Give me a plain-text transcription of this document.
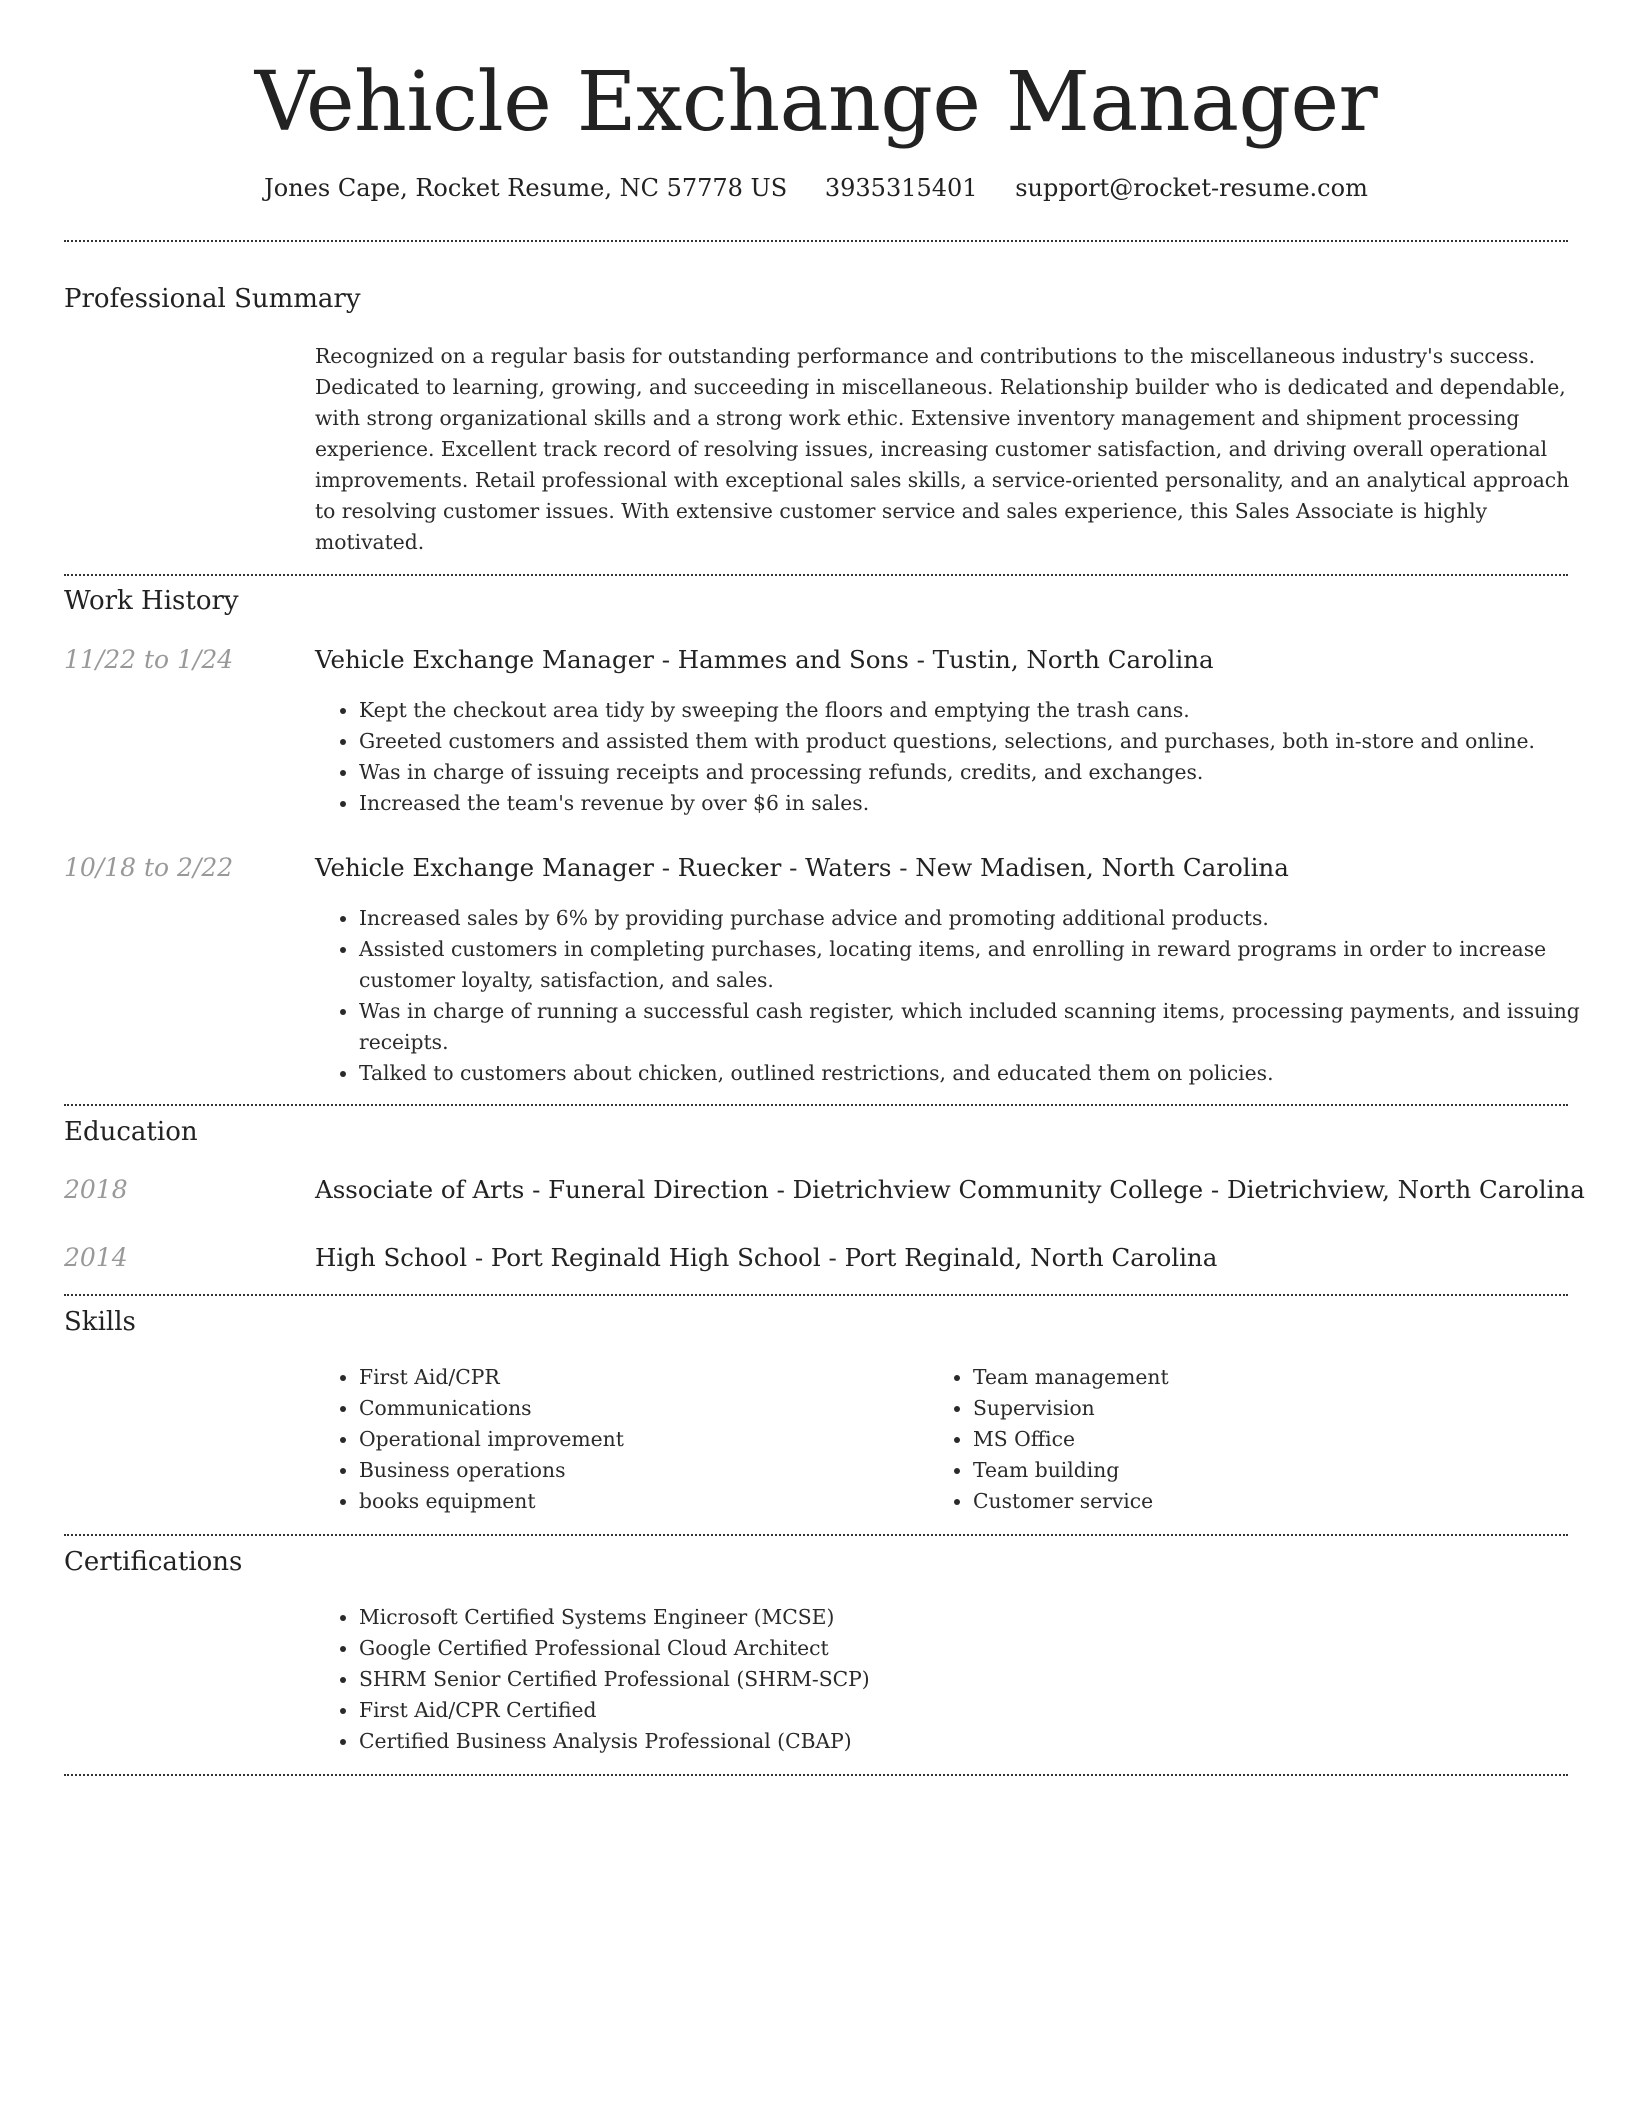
Vehicle Exchange Manager
Jones Cape, Rocket Resume, NC 57778 US 3935315401 support@rocket-resume.com
Professional Summary
Recognized on a regular basis for outstanding performance and contributions to the miscellaneous industry's success. Dedicated to learning, growing, and succeeding in miscellaneous. Relationship builder who is dedicated and dependable, with strong organizational skills and a strong work ethic. Extensive inventory management and shipment processing experience. Excellent track record of resolving issues, increasing customer satisfaction, and driving overall operational improvements. Retail professional with exceptional sales skills, a service-oriented personality, and an analytical approach to resolving customer issues. With extensive customer service and sales experience, this Sales Associate is highly motivated.
Work History
11/22 to 1/24	Vehicle Exchange Manager - Hammes and Sons - Tustin, North Carolina
• Kept the checkout area tidy by sweeping the floors and emptying the trash cans.
• Greeted customers and assisted them with product questions, selections, and purchases, both in-store and online.
• Was in charge of issuing receipts and processing refunds, credits, and exchanges.
• Increased the team's revenue by over $6 in sales.
10/18 to 2/22	Vehicle Exchange Manager - Ruecker - Waters - New Madisen, North Carolina
• Increased sales by 6% by providing purchase advice and promoting additional products.
• Assisted customers in completing purchases, locating items, and enrolling in reward programs in order to increase customer loyalty, satisfaction, and sales.
• Was in charge of running a successful cash register, which included scanning items, processing payments, and issuing receipts.
• Talked to customers about chicken, outlined restrictions, and educated them on policies.
Education
2018	Associate of Arts - Funeral Direction - Dietrichview Community College - Dietrichview, North Carolina
2014	High School - Port Reginald High School - Port Reginald, North Carolina
Skills
• First Aid/CPR
• Communications
• Operational improvement
• Business operations
• books equipment
• Team management
• Supervision
• MS Office
• Team building
• Customer service
Certifications
• Microsoft Certified Systems Engineer (MCSE)
• Google Certified Professional Cloud Architect
• SHRM Senior Certified Professional (SHRM-SCP)
• First Aid/CPR Certified
• Certified Business Analysis Professional (CBAP)
